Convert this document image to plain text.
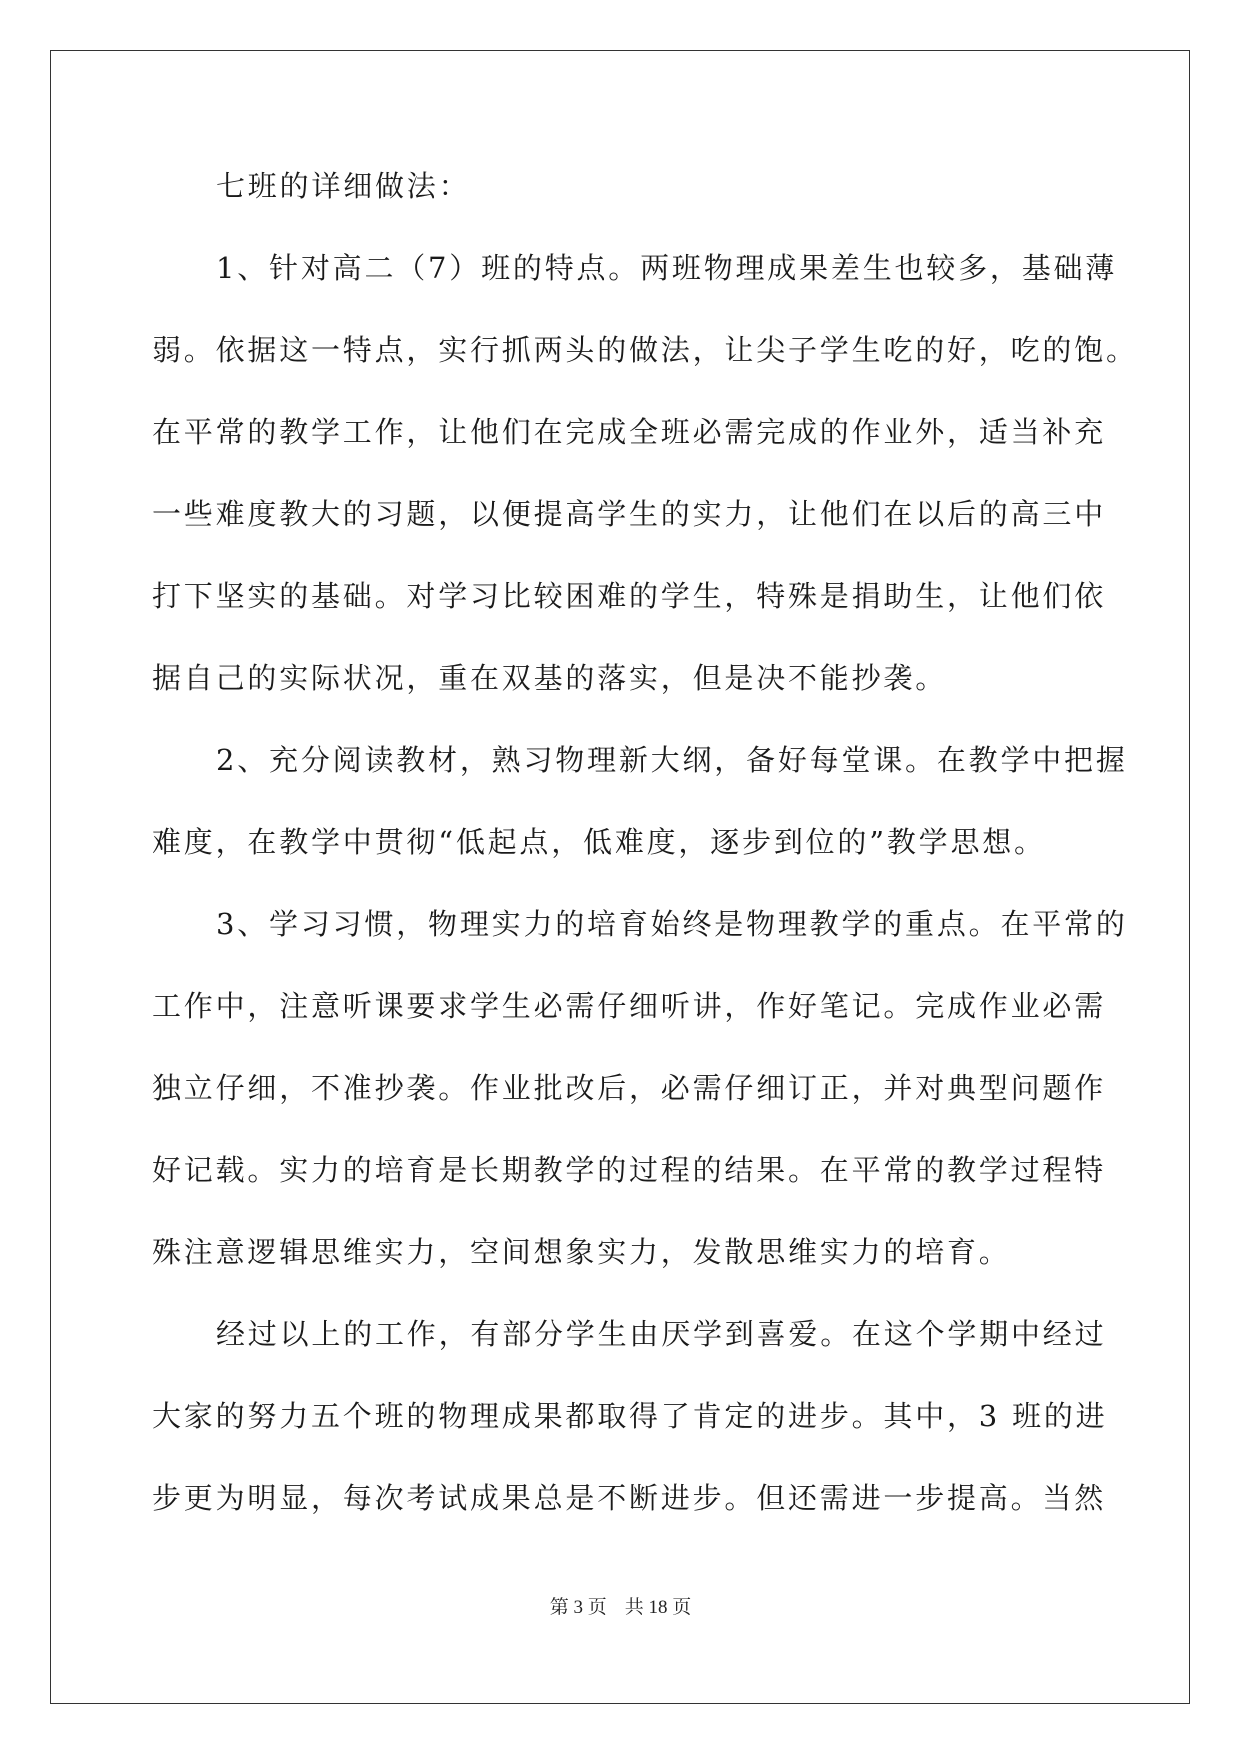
七班的详细做法：
1、针对高二（7）班的特点。两班物理成果差生也较多，基础薄
弱。依据这一特点，实行抓两头的做法，让尖子学生吃的好，吃的饱。
在平常的教学工作，让他们在完成全班必需完成的作业外，适当补充
一些难度教大的习题，以便提高学生的实力，让他们在以后的高三中
打下坚实的基础。对学习比较困难的学生，特殊是捐助生，让他们依
据自己的实际状况，重在双基的落实，但是决不能抄袭。
2、充分阅读教材，熟习物理新大纲，备好每堂课。在教学中把握
难度，在教学中贯彻“低起点，低难度，逐步到位的”教学思想。
3、学习习惯，物理实力的培育始终是物理教学的重点。在平常的
工作中，注意听课要求学生必需仔细听讲，作好笔记。完成作业必需
独立仔细，不准抄袭。作业批改后，必需仔细订正，并对典型问题作
好记载。实力的培育是长期教学的过程的结果。在平常的教学过程特
殊注意逻辑思维实力，空间想象实力，发散思维实力的培育。
经过以上的工作，有部分学生由厌学到喜爱。在这个学期中经过
大家的努力五个班的物理成果都取得了肯定的进步。其中，3 班的进
步更为明显，每次考试成果总是不断进步。但还需进一步提高。当然
第 3 页 共 18 页
